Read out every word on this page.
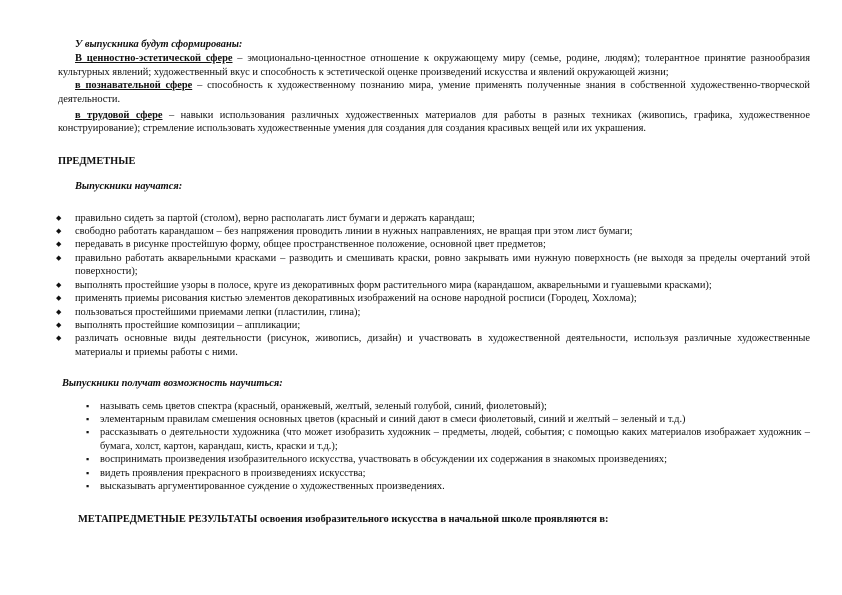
У выпускника будут сформированы:

В ценностно-эстетической сфере – эмоционально-ценностное отношение к окружающему миру (семье, родине, людям); толерантное принятие разнообразия культурных явлений; художественный вкус и способность к эстетической оценке произведений искусства и явлений окружающей жизни;

в познавательной сфере – способность к художественному познанию мира, умение применять полученные знания в собственной художественно-творческой деятельности.

в трудовой сфере – навыки использования различных художественных материалов для работы в разных техниках (живопись, графика, художественное конструирование); стремление использовать художественные умения для создания для создания красивых вещей или их украшения.

ПРЕДМЕТНЫЕ

Выпускники научатся:

◆ правильно сидеть за партой (столом), верно располагать лист бумаги и держать карандаш;
◆ свободно работать карандашом – без напряжения проводить линии в нужных направлениях, не вращая при этом лист бумаги;
◆ передавать в рисунке простейшую форму, общее пространственное положение, основной цвет предметов;
◆ правильно работать акварельными красками – разводить и смешивать краски, ровно закрывать ими нужную поверхность (не выходя за пределы очертаний этой поверхности);
◆ выполнять простейшие узоры в полосе, круге из декоративных форм растительного мира (карандашом, акварельными и гуашевыми красками);
◆ применять приемы рисования кистью элементов декоративных изображений на основе народной росписи (Городец, Хохлома);
◆ пользоваться простейшими приемами лепки (пластилин, глина);
◆ выполнять простейшие композиции – аппликации;
◆ различать основные виды деятельности (рисунок, живопись, дизайн) и участвовать в художественной деятельности, используя различные художественные материалы и приемы работы с ними.

Выпускники получат возможность научиться:

▪ называть семь цветов спектра (красный, оранжевый, желтый, зеленый голубой, синий, фиолетовый);
▪ элементарным правилам смешения основных цветов (красный и синий дают в смеси фиолетовый, синий и желтый – зеленый и т.д.)
▪ рассказывать о деятельности художника (что может изобразить художник – предметы, людей, события; с помощью каких материалов изображает художник – бумага, холст, картон, карандаш, кисть, краски и т.д.);
▪ воспринимать произведения изобразительного искусства, участвовать в обсуждении их содержания в знакомых произведениях;
▪ видеть проявления прекрасного в произведениях искусства;
▪ высказывать аргументированное суждение о художественных произведениях.

МЕТАПРЕДМЕТНЫЕ РЕЗУЛЬТАТЫ освоения изобразительного искусства в начальной школе проявляются в:
